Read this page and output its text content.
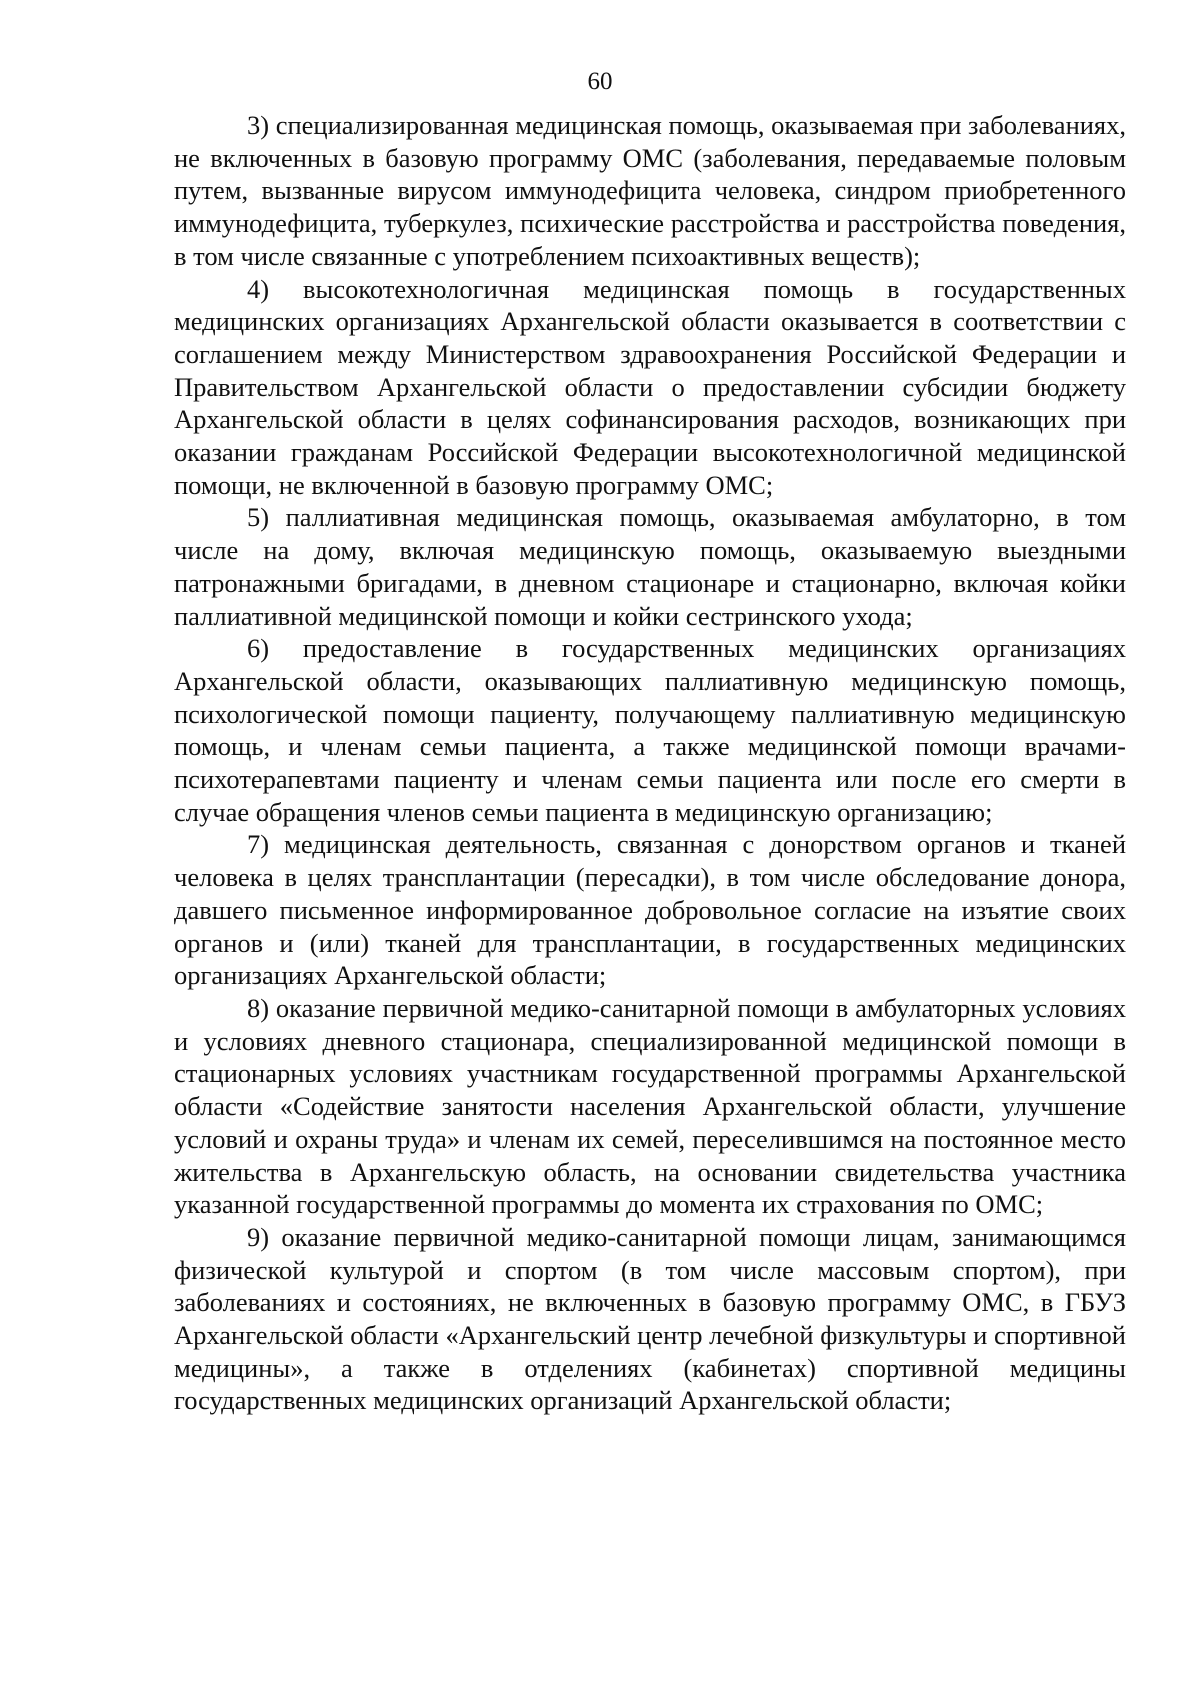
60

3) специализированная медицинская помощь, оказываемая при заболеваниях, не включенных в базовую программу ОМС (заболевания, передаваемые половым путем, вызванные вирусом иммунодефицита человека, синдром приобретенного иммунодефицита, туберкулез, психические расстройства и расстройства поведения, в том числе связанные с употреблением психоактивных веществ);

4) высокотехнологичная медицинская помощь в государственных медицинских организациях Архангельской области оказывается в соответствии с соглашением между Министерством здравоохранения Российской Федерации и Правительством Архангельской области о предоставлении субсидии бюджету Архангельской области в целях софинансирования расходов, возникающих при оказании гражданам Российской Федерации высокотехнологичной медицинской помощи, не включенной в базовую программу ОМС;

5) паллиативная медицинская помощь, оказываемая амбулаторно, в том числе на дому, включая медицинскую помощь, оказываемую выездными патронажными бригадами, в дневном стационаре и стационарно, включая койки паллиативной медицинской помощи и койки сестринского ухода;

6) предоставление в государственных медицинских организациях Архангельской области, оказывающих паллиативную медицинскую помощь, психологической помощи пациенту, получающему паллиативную медицинскую помощь, и членам семьи пациента, а также медицинской помощи врачами-психотерапевтами пациенту и членам семьи пациента или после его смерти в случае обращения членов семьи пациента в медицинскую организацию;

7) медицинская деятельность, связанная с донорством органов и тканей человека в целях трансплантации (пересадки), в том числе обследование донора, давшего письменное информированное добровольное согласие на изъятие своих органов и (или) тканей для трансплантации, в государственных медицинских организациях Архангельской области;

8) оказание первичной медико-санитарной помощи в амбулаторных условиях и условиях дневного стационара, специализированной медицинской помощи в стационарных условиях участникам государственной программы Архангельской области «Содействие занятости населения Архангельской области, улучшение условий и охраны труда» и членам их семей, переселившимся на постоянное место жительства в Архангельскую область, на основании свидетельства участника указанной государственной программы до момента их страхования по ОМС;

9) оказание первичной медико-санитарной помощи лицам, занимающимся физической культурой и спортом (в том числе массовым спортом), при заболеваниях и состояниях, не включенных в базовую программу ОМС, в ГБУЗ Архангельской области «Архангельский центр лечебной физкультуры и спортивной медицины», а также в отделениях (кабинетах) спортивной медицины государственных медицинских организаций Архангельской области;
